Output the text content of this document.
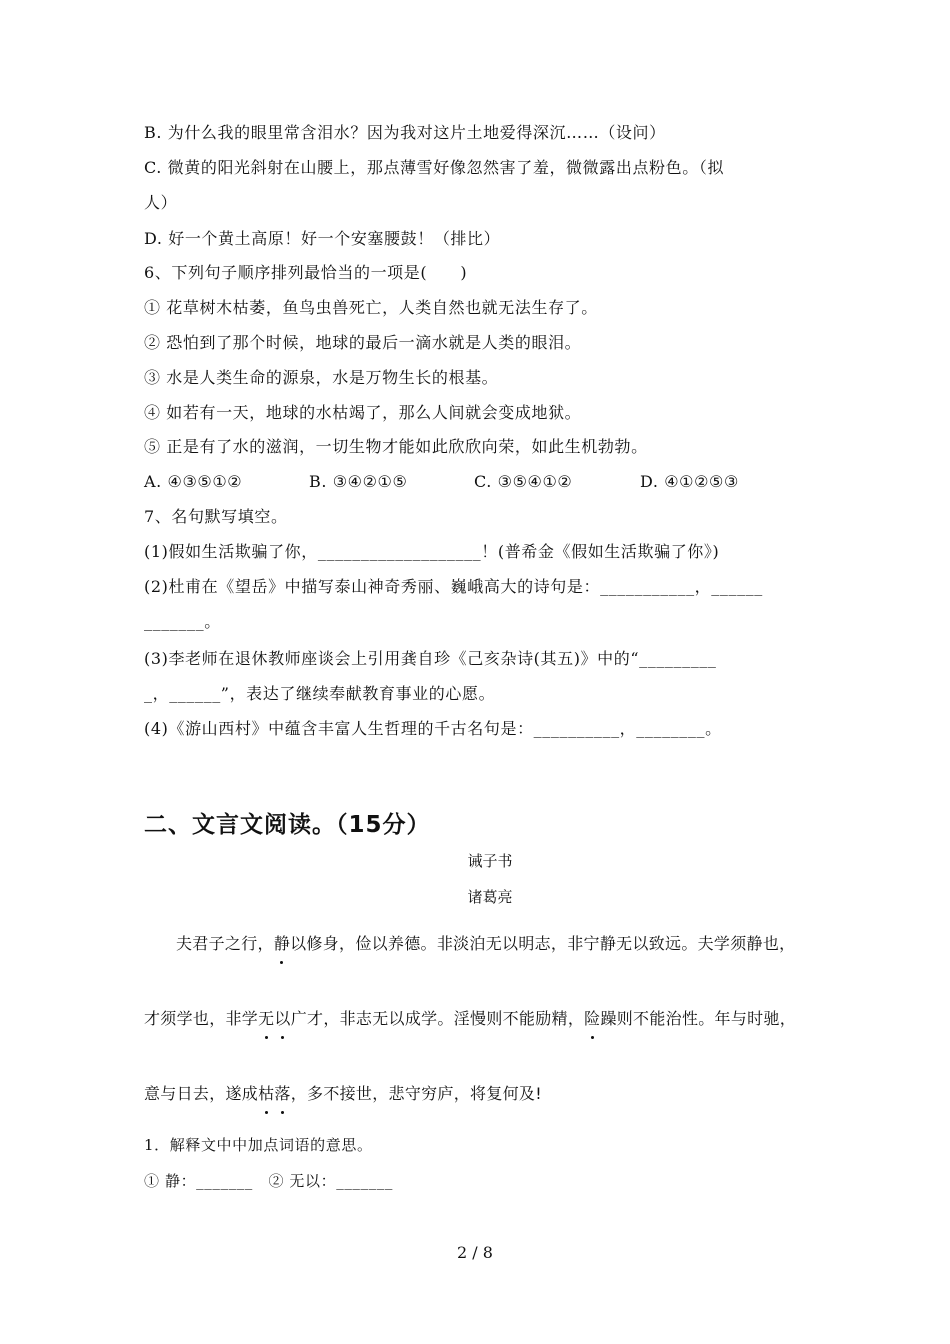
B. 为什么我的眼里常含泪水？因为我对这片土地爱得深沉……（设问）
C. 微黄的阳光斜射在山腰上，那点薄雪好像忽然害了羞，微微露出点粉色。（拟
人）
D. 好一个黄土高原！好一个安塞腰鼓！（排比）
6、下列句子顺序排列最恰当的一项是(　　)
① 花草树木枯萎，鱼鸟虫兽死亡，人类自然也就无法生存了。
② 恐怕到了那个时候，地球的最后一滴水就是人类的眼泪。
③ 水是人类生命的源泉，水是万物生长的根基。
④ 如若有一天，地球的水枯竭了，那么人间就会变成地狱。
⑤ 正是有了水的滋润，一切生物才能如此欣欣向荣，如此生机勃勃。
A. ④③⑤①②	B. ③④②①⑤	C. ③⑤④①②	D. ④①②⑤③
7、名句默写填空。
(1)假如生活欺骗了你，___________________！(普希金《假如生活欺骗了你》)
(2)杜甫在《望岳》中描写泰山神奇秀丽、巍峨高大的诗句是：___________，______
_______。
(3)李老师在退休教师座谈会上引用龚自珍《己亥杂诗(其五)》中的“_________
_，______”，表达了继续奉献教育事业的心愿。
(4)《游山西村》中蕴含丰富人生哲理的千古名句是：__________，________。
二、文言文阅读。（15分）
诫子书
诸葛亮
夫君子之行，静以修身，俭以养德。非淡泊无以明志，非宁静无以致远。夫学须静也，
才须学也，非学无以广才，非志无以成学。淫慢则不能励精，险躁则不能治性。年与时驰，
意与日去，遂成枯落，多不接世，悲守穷庐，将复何及!
1．解释文中中加点词语的意思。
① 静：_______　② 无以：_______
2 / 8
